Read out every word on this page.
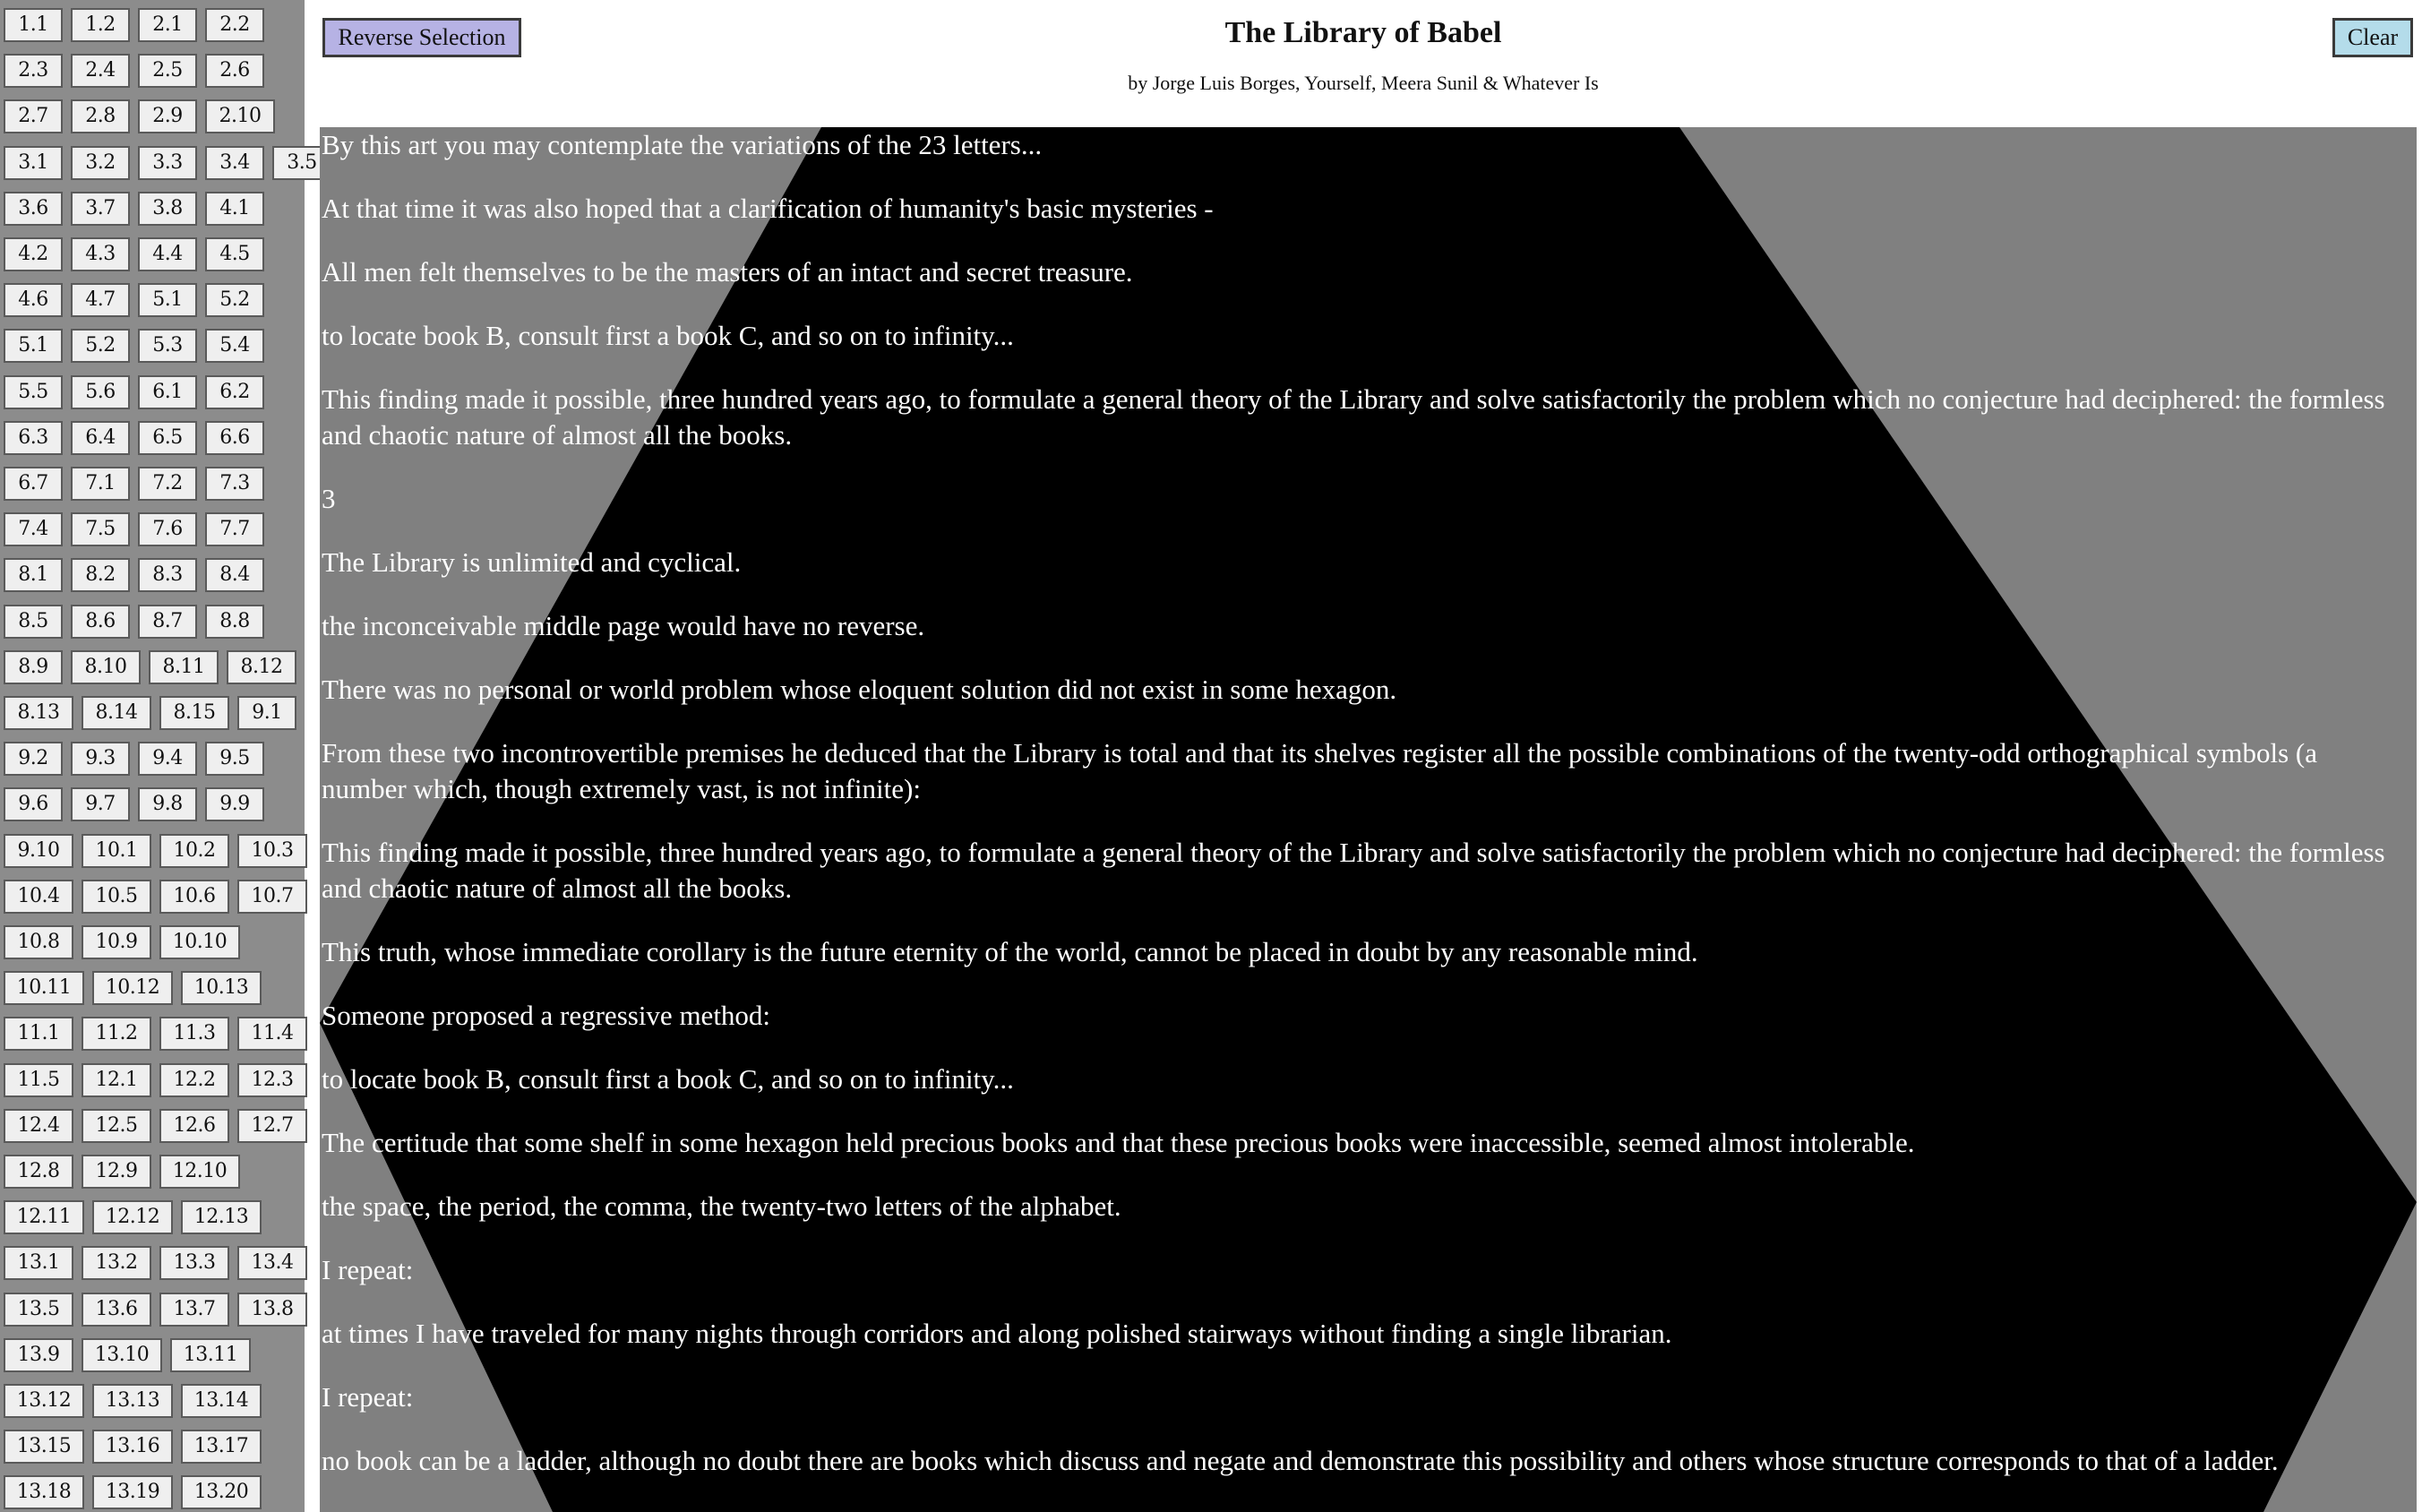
1.1	1.2	2.1	2.2
2.3	2.4	2.5	2.6
2.7	2.8	2.9	2.10
3.1	3.2	3.3	3.4	3.5
3.6	3.7	3.8	4.1
4.2	4.3	4.4	4.5
4.6	4.7	5.1	5.2
5.1	5.2	5.3	5.4
5.5	5.6	6.1	6.2
6.3	6.4	6.5	6.6
6.7	7.1	7.2	7.3
7.4	7.5	7.6	7.7
8.1	8.2	8.3	8.4
8.5	8.6	8.7	8.8
8.9	8.10	8.11	8.12
8.13	8.14	8.15	9.1
9.2	9.3	9.4	9.5
9.6	9.7	9.8	9.9
9.10	10.1	10.2	10.3
10.4	10.5	10.6	10.7
10.8	10.9	10.10
10.11	10.12	10.13
11.1	11.2	11.3	11.4
11.5	12.1	12.2	12.3
12.4	12.5	12.6	12.7
12.8	12.9	12.10
12.11	12.12	12.13
13.1	13.2	13.3	13.4
13.5	13.6	13.7	13.8
13.9	13.10	13.11
13.12	13.13	13.14
13.15	13.16	13.17
13.18	13.19	13.20
Reverse Selection	The Library of Babel
by Jorge Luis Borges, Yourself, Meera Sunil & Whatever Is
Clear

By this art you may contemplate the variations of the 23 letters...

At that time it was also hoped that a clarification of humanity's basic mysteries -

All men felt themselves to be the masters of an intact and secret treasure.

to locate book B, consult first a book C, and so on to infinity...

This finding made it possible, three hundred years ago, to formulate a general theory of the Library and solve satisfactorily the problem which no conjecture had deciphered: the formless and chaotic nature of almost all the books.

3

The Library is unlimited and cyclical.

the inconceivable middle page would have no reverse.

There was no personal or world problem whose eloquent solution did not exist in some hexagon.

From these two incontrovertible premises he deduced that the Library is total and that its shelves register all the possible combinations of the twenty-odd orthographical symbols (a number which, though extremely vast, is not infinite):

This finding made it possible, three hundred years ago, to formulate a general theory of the Library and solve satisfactorily the problem which no conjecture had deciphered: the formless and chaotic nature of almost all the books.

This truth, whose immediate corollary is the future eternity of the world, cannot be placed in doubt by any reasonable mind.

Someone proposed a regressive method:

to locate book B, consult first a book C, and so on to infinity...

The certitude that some shelf in some hexagon held precious books and that these precious books were inaccessible, seemed almost intolerable.

the space, the period, the comma, the twenty-two letters of the alphabet.

I repeat:

at times I have traveled for many nights through corridors and along polished stairways without finding a single librarian.

I repeat:

no book can be a ladder, although no doubt there are books which discuss and negate and demonstrate this possibility and others whose structure corresponds to that of a ladder.
